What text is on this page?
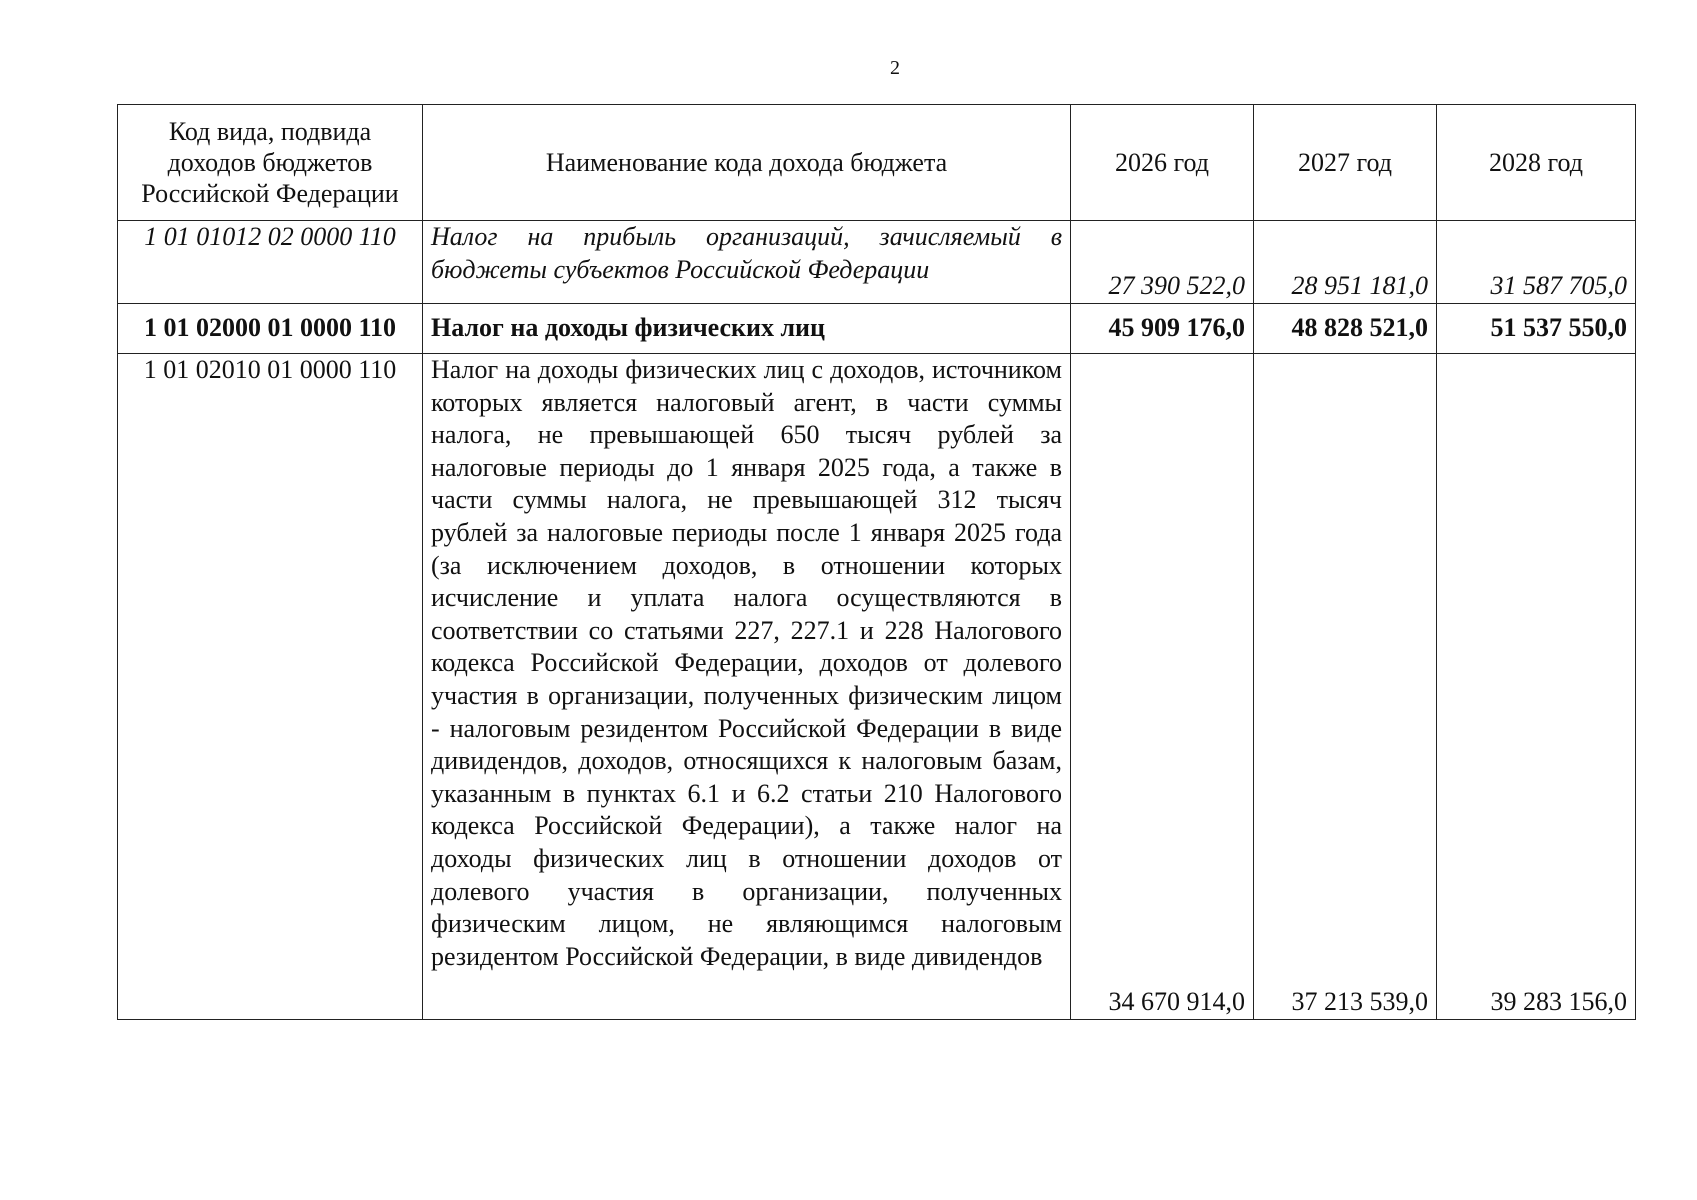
2
Код вида, подвида доходов бюджетов Российской Федерации	Наименование кода дохода бюджета	2026 год	2027 год	2028 год
1 01 01012 02 0000 110	Налог на прибыль организаций, зачисляемый в бюджеты субъектов Российской Федерации	27 390 522,0	28 951 181,0	31 587 705,0
1 01 02000 01 0000 110	Налог на доходы физических лиц	45 909 176,0	48 828 521,0	51 537 550,0
1 01 02010 01 0000 110	Налог на доходы физических лиц с доходов, источником которых является налоговый агент, в части суммы налога, не превышающей 650 тысяч рублей за налоговые периоды до 1 января 2025 года, а также в части суммы налога, не превышающей 312 тысяч рублей за налоговые периоды после 1 января 2025 года (за исключением доходов, в отношении которых исчисление и уплата налога осуществляются в соответствии со статьями 227, 227.1 и 228 Налогового кодекса Российской Федерации, доходов от долевого участия в организации, полученных физическим лицом - налоговым резидентом Российской Федерации в виде дивидендов, доходов, относящихся к налоговым базам, указанным в пунктах 6.1 и 6.2 статьи 210 Налогового кодекса Российской Федерации), а также налог на доходы физических лиц в отношении доходов от долевого участия в организации, полученных физическим лицом, не являющимся налоговым резидентом Российской Федерации, в виде дивидендов	34 670 914,0	37 213 539,0	39 283 156,0
